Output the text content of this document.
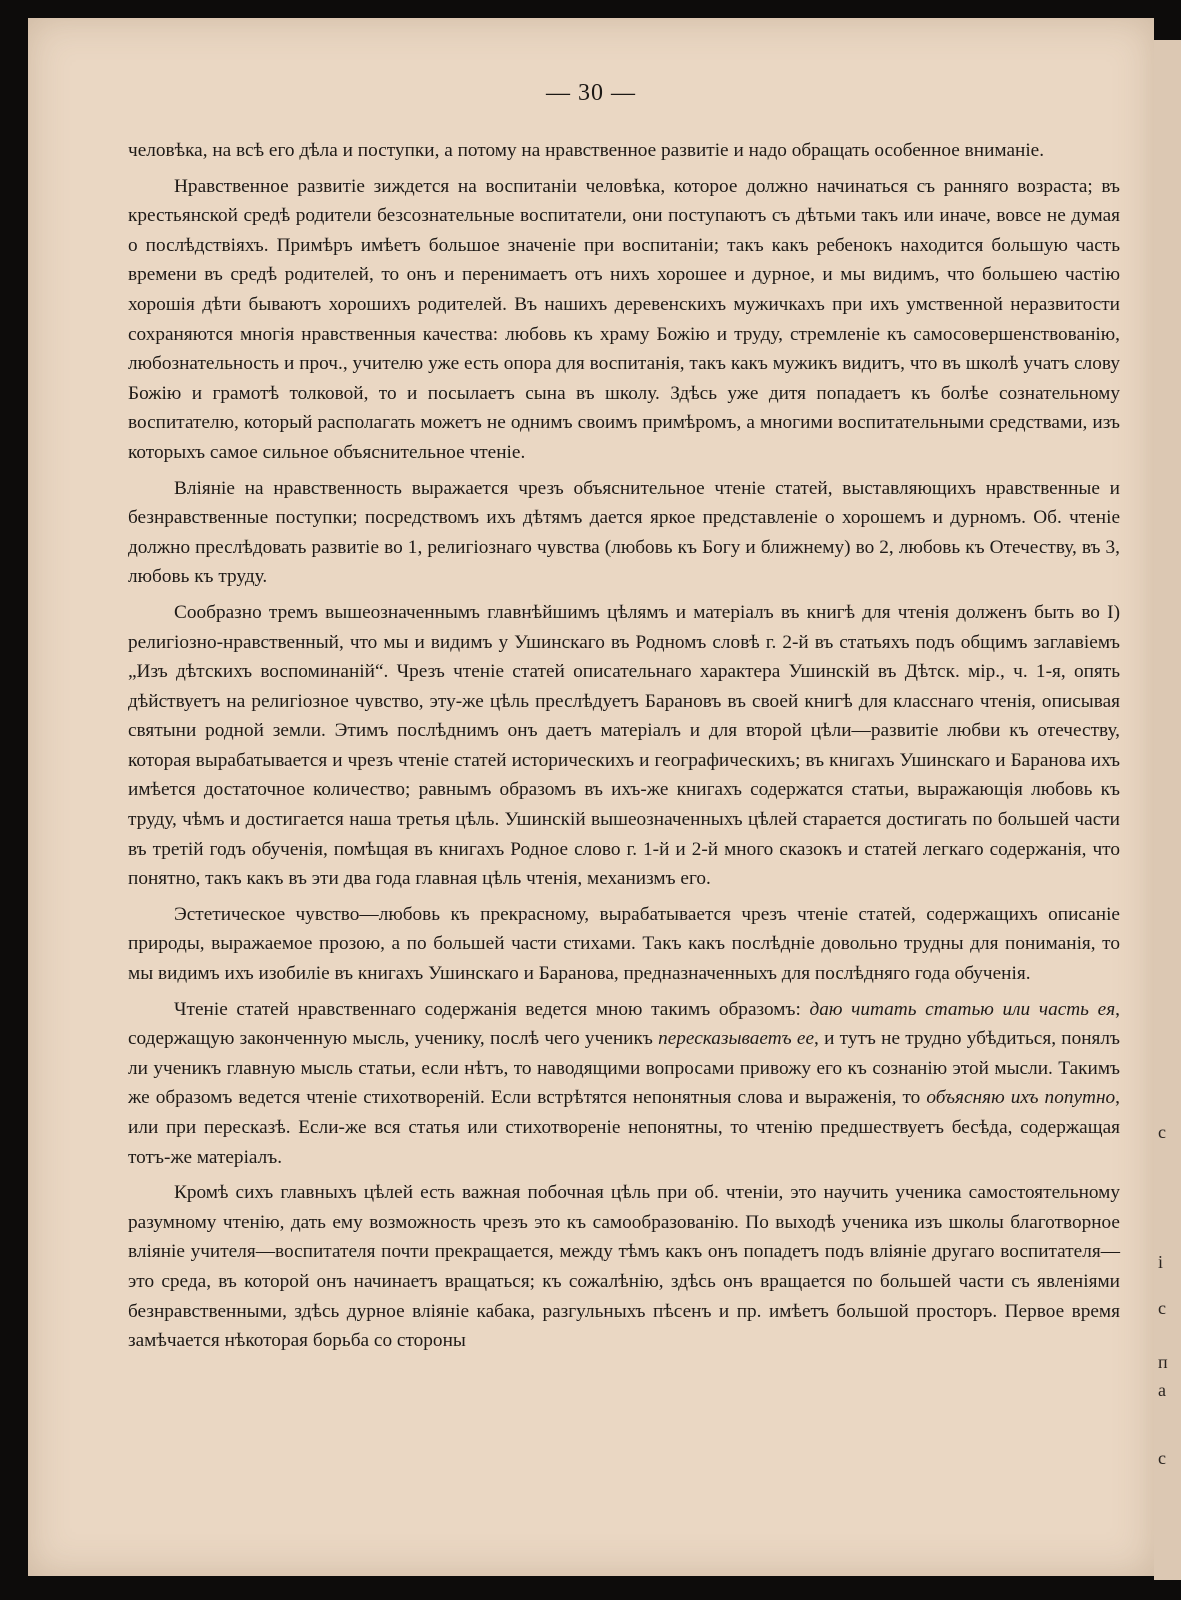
— 30 —

человѣка, на всѣ его дѣла и поступки, а потому на нравственное развитіе и надо обращать особенное вниманіе.

Нравственное развитіе зиждется на воспитаніи человѣка, которое должно начинаться съ ранняго возраста; въ крестьянской средѣ родители безсознательные воспитатели, они поступаютъ съ дѣтьми такъ или иначе, вовсе не думая о послѣдствіяхъ. Примѣръ имѣетъ большое значеніе при воспитаніи; такъ какъ ребенокъ находится большую часть времени въ средѣ родителей, то онъ и перенимаетъ отъ нихъ хорошее и дурное, и мы видимъ, что большею частію хорошія дѣти бываютъ хорошихъ родителей. Въ нашихъ деревенскихъ мужичкахъ при ихъ умственной неразвитости сохраняются многія нравственныя качества: любовь къ храму Божію и труду, стремленіе къ самосовершенствованію, любознательность и проч., учителю уже есть опора для воспитанія, такъ какъ мужикъ видитъ, что въ школѣ учатъ слову Божію и грамотѣ толковой, то и посылаетъ сына въ школу. Здѣсь уже дитя попадаетъ къ болѣе сознательному воспитателю, который располагать можетъ не однимъ своимъ примѣромъ, а многими воспитательными средствами, изъ которыхъ самое сильное объяснительное чтеніе.

Вліяніе на нравственность выражается чрезъ объяснительное чтеніе статей, выставляющихъ нравственные и безнравственные поступки; посредствомъ ихъ дѣтямъ дается яркое представленіе о хорошемъ и дурномъ. Об. чтеніе должно преслѣдовать развитіе во 1, религіознаго чувства (любовь къ Богу и ближнему) во 2, любовь къ Отечеству, въ 3, любовь къ труду.

Сообразно тремъ вышеозначеннымъ главнѣйшимъ цѣлямъ и матеріалъ въ книгѣ для чтенія долженъ быть во I) религіозно-нравственный, что мы и видимъ у Ушинскаго въ Родномъ словѣ г. 2-й въ статьяхъ подъ общимъ заглавіемъ „Изъ дѣтскихъ воспоминаній“. Чрезъ чтеніе статей описательнаго характера Ушинскій въ Дѣтск. мір., ч. 1-я, опять дѣйствуетъ на религіозное чувство, эту-же цѣль преслѣдуетъ Барановъ въ своей книгѣ для класснаго чтенія, описывая святыни родной земли. Этимъ послѣднимъ онъ даетъ матеріалъ и для второй цѣли—развитіе любви къ отечеству, которая вырабатывается и чрезъ чтеніе статей историческихъ и географическихъ; въ книгахъ Ушинскаго и Баранова ихъ имѣется достаточное количество; равнымъ образомъ въ ихъ-же книгахъ содержатся статьи, выражающія любовь къ труду, чѣмъ и достигается наша третья цѣль. Ушинскій вышеозначенныхъ цѣлей старается достигать по большей части въ третій годъ обученія, помѣщая въ книгахъ Родное слово г. 1-й и 2-й много сказокъ и статей легкаго содержанія, что понятно, такъ какъ въ эти два года главная цѣль чтенія, механизмъ его.

Эстетическое чувство—любовь къ прекрасному, вырабатывается чрезъ чтеніе статей, содержащихъ описаніе природы, выражаемое прозою, а по большей части стихами. Такъ какъ послѣдніе довольно трудны для пониманія, то мы видимъ ихъ изобиліе въ книгахъ Ушинскаго и Баранова, предназначенныхъ для послѣдняго года обученія.

Чтеніе статей нравственнаго содержанія ведется мною такимъ образомъ: даю читать статью или часть ея, содержащую законченную мысль, ученику, послѣ чего ученикъ пересказываетъ ее, и тутъ не трудно убѣдиться, понялъ ли ученикъ главную мысль статьи, если нѣтъ, то наводящими вопросами привожу его къ сознанію этой мысли. Такимъ же образомъ ведется чтеніе стихотвореній. Если встрѣтятся непонятныя слова и выраженія, то объясняю ихъ попутно, или при пересказѣ. Если-же вся статья или стихотвореніе непонятны, то чтенію предшествуетъ бесѣда, содержащая тотъ-же матеріалъ.

Кромѣ сихъ главныхъ цѣлей есть важная побочная цѣль при об. чтеніи, это научить ученика самостоятельному разумному чтенію, дать ему возможность чрезъ это къ самообразованію. По выходѣ ученика изъ школы благотворное вліяніе учителя—воспитателя почти прекращается, между тѣмъ какъ онъ попадетъ подъ вліяніе другаго воспитателя—это среда, въ которой онъ начинаетъ вращаться; къ сожалѣнію, здѣсь онъ вращается по большей части съ явленіями безнравственными, здѣсь дурное вліяніе кабака, разгульныхъ пѣсенъ и пр. имѣетъ большой просторъ. Первое время замѣчается нѣкоторая борьба со стороны

с
і
с
п
а
с
